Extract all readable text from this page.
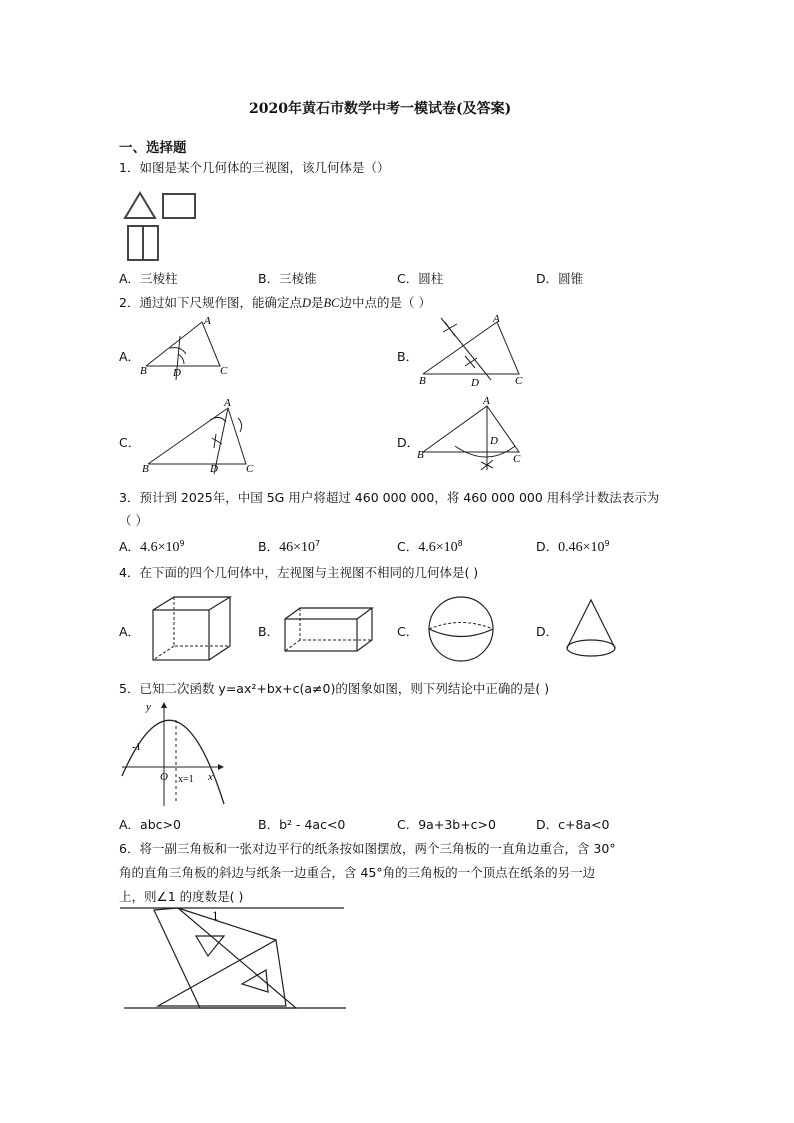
2020年黄石市数学中考一模试卷(及答案)
一、选择题
1．如图是某个几何体的三视图，该几何体是（）
A．三棱柱	B．三棱锥	C．圆柱	D．圆锥
2．通过如下尺规作图，能确定点D是BC边中点的是（ ）
A．
A
B	C
D
B．
A
B	C
D
C．
A
B	C
D
D．
A
B	C
D
3．预计到 2025年，中国 5G 用户将超过 460 000 000，将 460 000 000 用科学计数法表示为
（ ）
A．$4.6\times 10^9$	B．$46\times 10^7$	C．$4.6\times 10^8$	D．$0.46\times 10^9$
4．在下面的四个几何体中，左视图与主视图不相同的几何体是( )
A．	B．	C．	D．
5．已知二次函数 y=ax²+bx+c(a≠0)的图象如图，则下列结论中正确的是( )
y
x
O
-1
x=1
A．abc>0	B．b² - 4ac<0	C．9a+3b+c>0	D．c+8a<0
6．将一副三角板和一张对边平行的纸条按如图摆放，两个三角板的一直角边重合，含 30°
角的直角三角板的斜边与纸条一边重合，含 45°角的三角板的一个顶点在纸条的另一边
上，则∠1 的度数是( )
1
